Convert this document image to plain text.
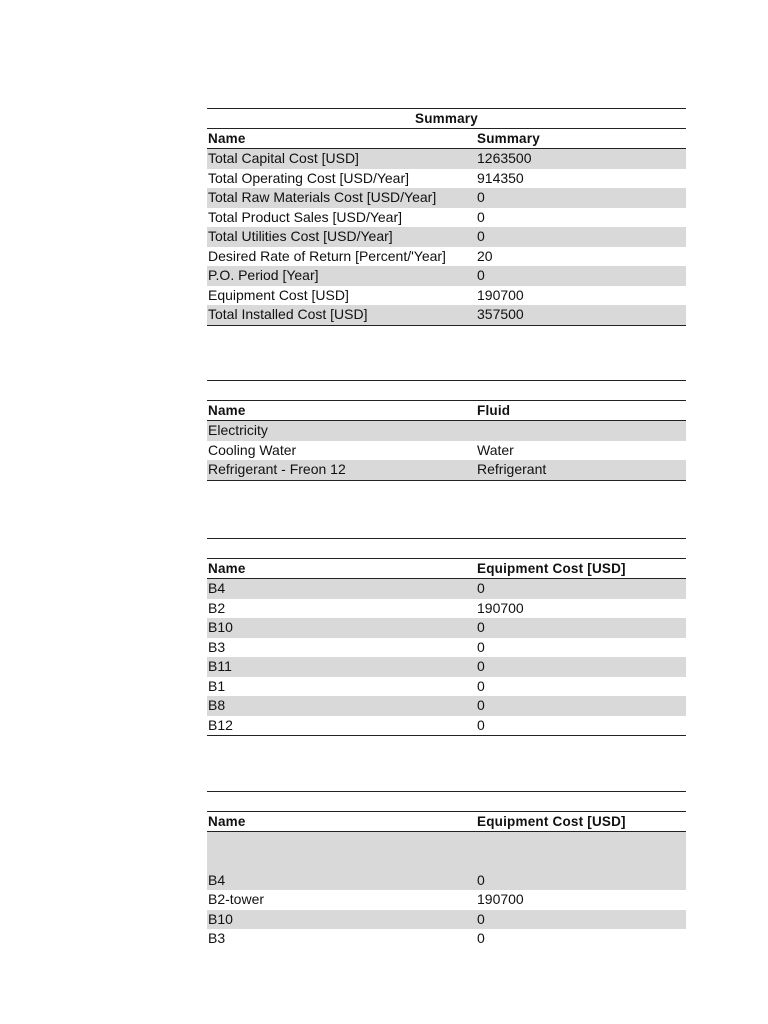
Summary
Name	Summary
Total Capital Cost [USD]	1263500
Total Operating Cost [USD/Year]	914350
Total Raw Materials Cost [USD/Year]	0
Total Product Sales [USD/Year]	0
Total Utilities Cost [USD/Year]	0
Desired Rate of Return [Percent/'Year]	20
P.O. Period [Year]	0
Equipment Cost [USD]	190700
Total Installed Cost [USD]	357500
Name	Fluid
Electricity
Cooling Water	Water
Refrigerant - Freon 12	Refrigerant
Name	Equipment Cost [USD]
B4	0
B2	190700
B10	0
B3	0
B11	0
B1	0
B8	0
B12	0
Name	Equipment Cost [USD]
B4	0
B2-tower	190700
B10	0
B3	0
